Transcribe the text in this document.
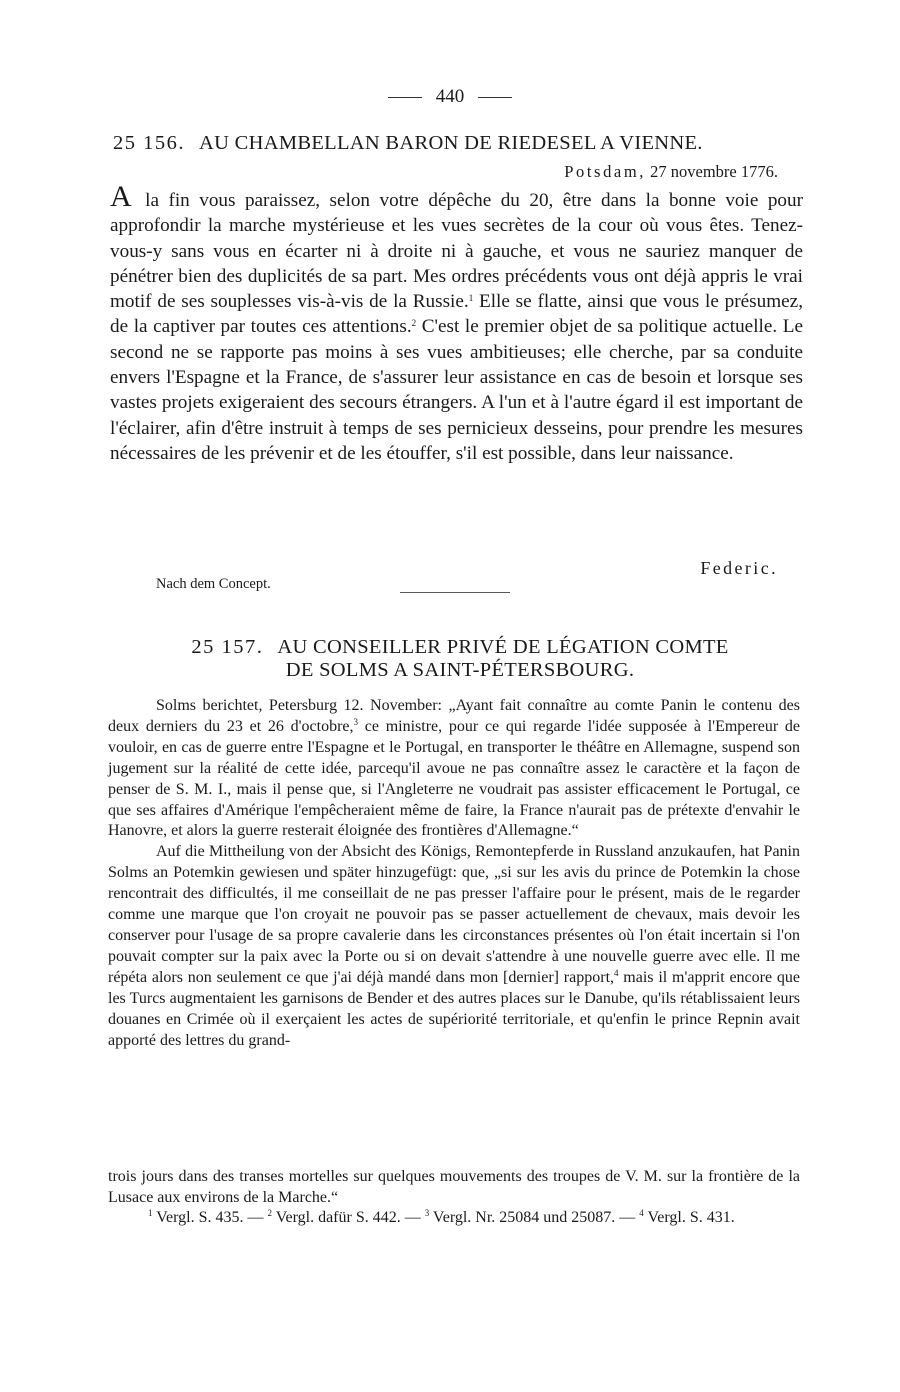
440
25 156. AU CHAMBELLAN BARON DE RIEDESEL A VIENNE.
Potsdam, 27 novembre 1776.

A la fin vous paraissez, selon votre dépêche du 20, être dans la bonne voie pour approfondir la marche mystérieuse et les vues secrètes de la cour où vous êtes. Tenez-vous-y sans vous en écarter ni à droite ni à gauche, et vous ne sauriez manquer de pénétrer bien des duplicités de sa part. Mes ordres précédents vous ont déjà appris le vrai motif de ses souplesses vis-à-vis de la Russie.$^1$ Elle se flatte, ainsi que vous le présumez, de la captiver par toutes ces attentions.$^2$ C'est le premier objet de sa politique actuelle. Le second ne se rapporte pas moins à ses vues ambitieuses; elle cherche, par sa conduite envers l'Espagne et la France, de s'assurer leur assistance en cas de besoin et lorsque ses vastes projets exigeraient des secours étrangers. A l'un et à l'autre égard il est important de l'éclairer, afin d'être instruit à temps de ses pernicieux desseins, pour prendre les mesures nécessaires de les prévenir et de les étouffer, s'il est possible, dans leur naissance.

Federic.
Nach dem Concept.
25 157. AU CONSEILLER PRIVÉ DE LÉGATION COMTE
DE SOLMS A SAINT-PÉTERSBOURG.

Solms berichtet, Petersburg 12. November: „Ayant fait connaître au comte Panin le contenu des deux derniers du 23 et 26 d'octobre,$^3$ ce ministre, pour ce qui regarde l'idée supposée à l'Empereur de vouloir, en cas de guerre entre l'Espagne et le Portugal, en transporter le théâtre en Allemagne, suspend son jugement sur la réalité de cette idée, parcequ'il avoue ne pas connaître assez le caractère et la façon de penser de S. M. I., mais il pense que, si l'Angleterre ne voudrait pas assister efficacement le Portugal, ce que ses affaires d'Amérique l'empêcheraient même de faire, la France n'aurait pas de prétexte d'envahir le Hanovre, et alors la guerre resterait éloignée des frontières d'Allemagne.“

Auf die Mittheilung von der Absicht des Königs, Remontepferde in Russland anzukaufen, hat Panin Solms an Potemkin gewiesen und später hinzugefügt: que, „si sur les avis du prince de Potemkin la chose rencontrait des difficultés, il me conseillait de ne pas presser l'affaire pour le présent, mais de le regarder comme une marque que l'on croyait ne pouvoir pas se passer actuellement de chevaux, mais devoir les conserver pour l'usage de sa propre cavalerie dans les circonstances présentes où l'on était incertain si l'on pouvait compter sur la paix avec la Porte ou si on devait s'attendre à une nouvelle guerre avec elle. Il me répéta alors non seulement ce que j'ai déjà mandé dans mon [dernier] rapport,$^4$ mais il m'apprit encore que les Turcs augmentaient les garnisons de Bender et des autres places sur le Danube, qu'ils rétablissaient leurs douanes en Crimée où il exerçaient les actes de supériorité territoriale, et qu'enfin le prince Repnin avait apporté des lettres du grand-

trois jours dans des transes mortelles sur quelques mouvements des troupes de V. M. sur la frontière de la Lusace aux environs de la Marche.“

$^1$ Vergl. S. 435. — $^2$ Vergl. dafür S. 442. — $^3$ Vergl. Nr. 25084 und 25087. — $^4$ Vergl. S. 431.
